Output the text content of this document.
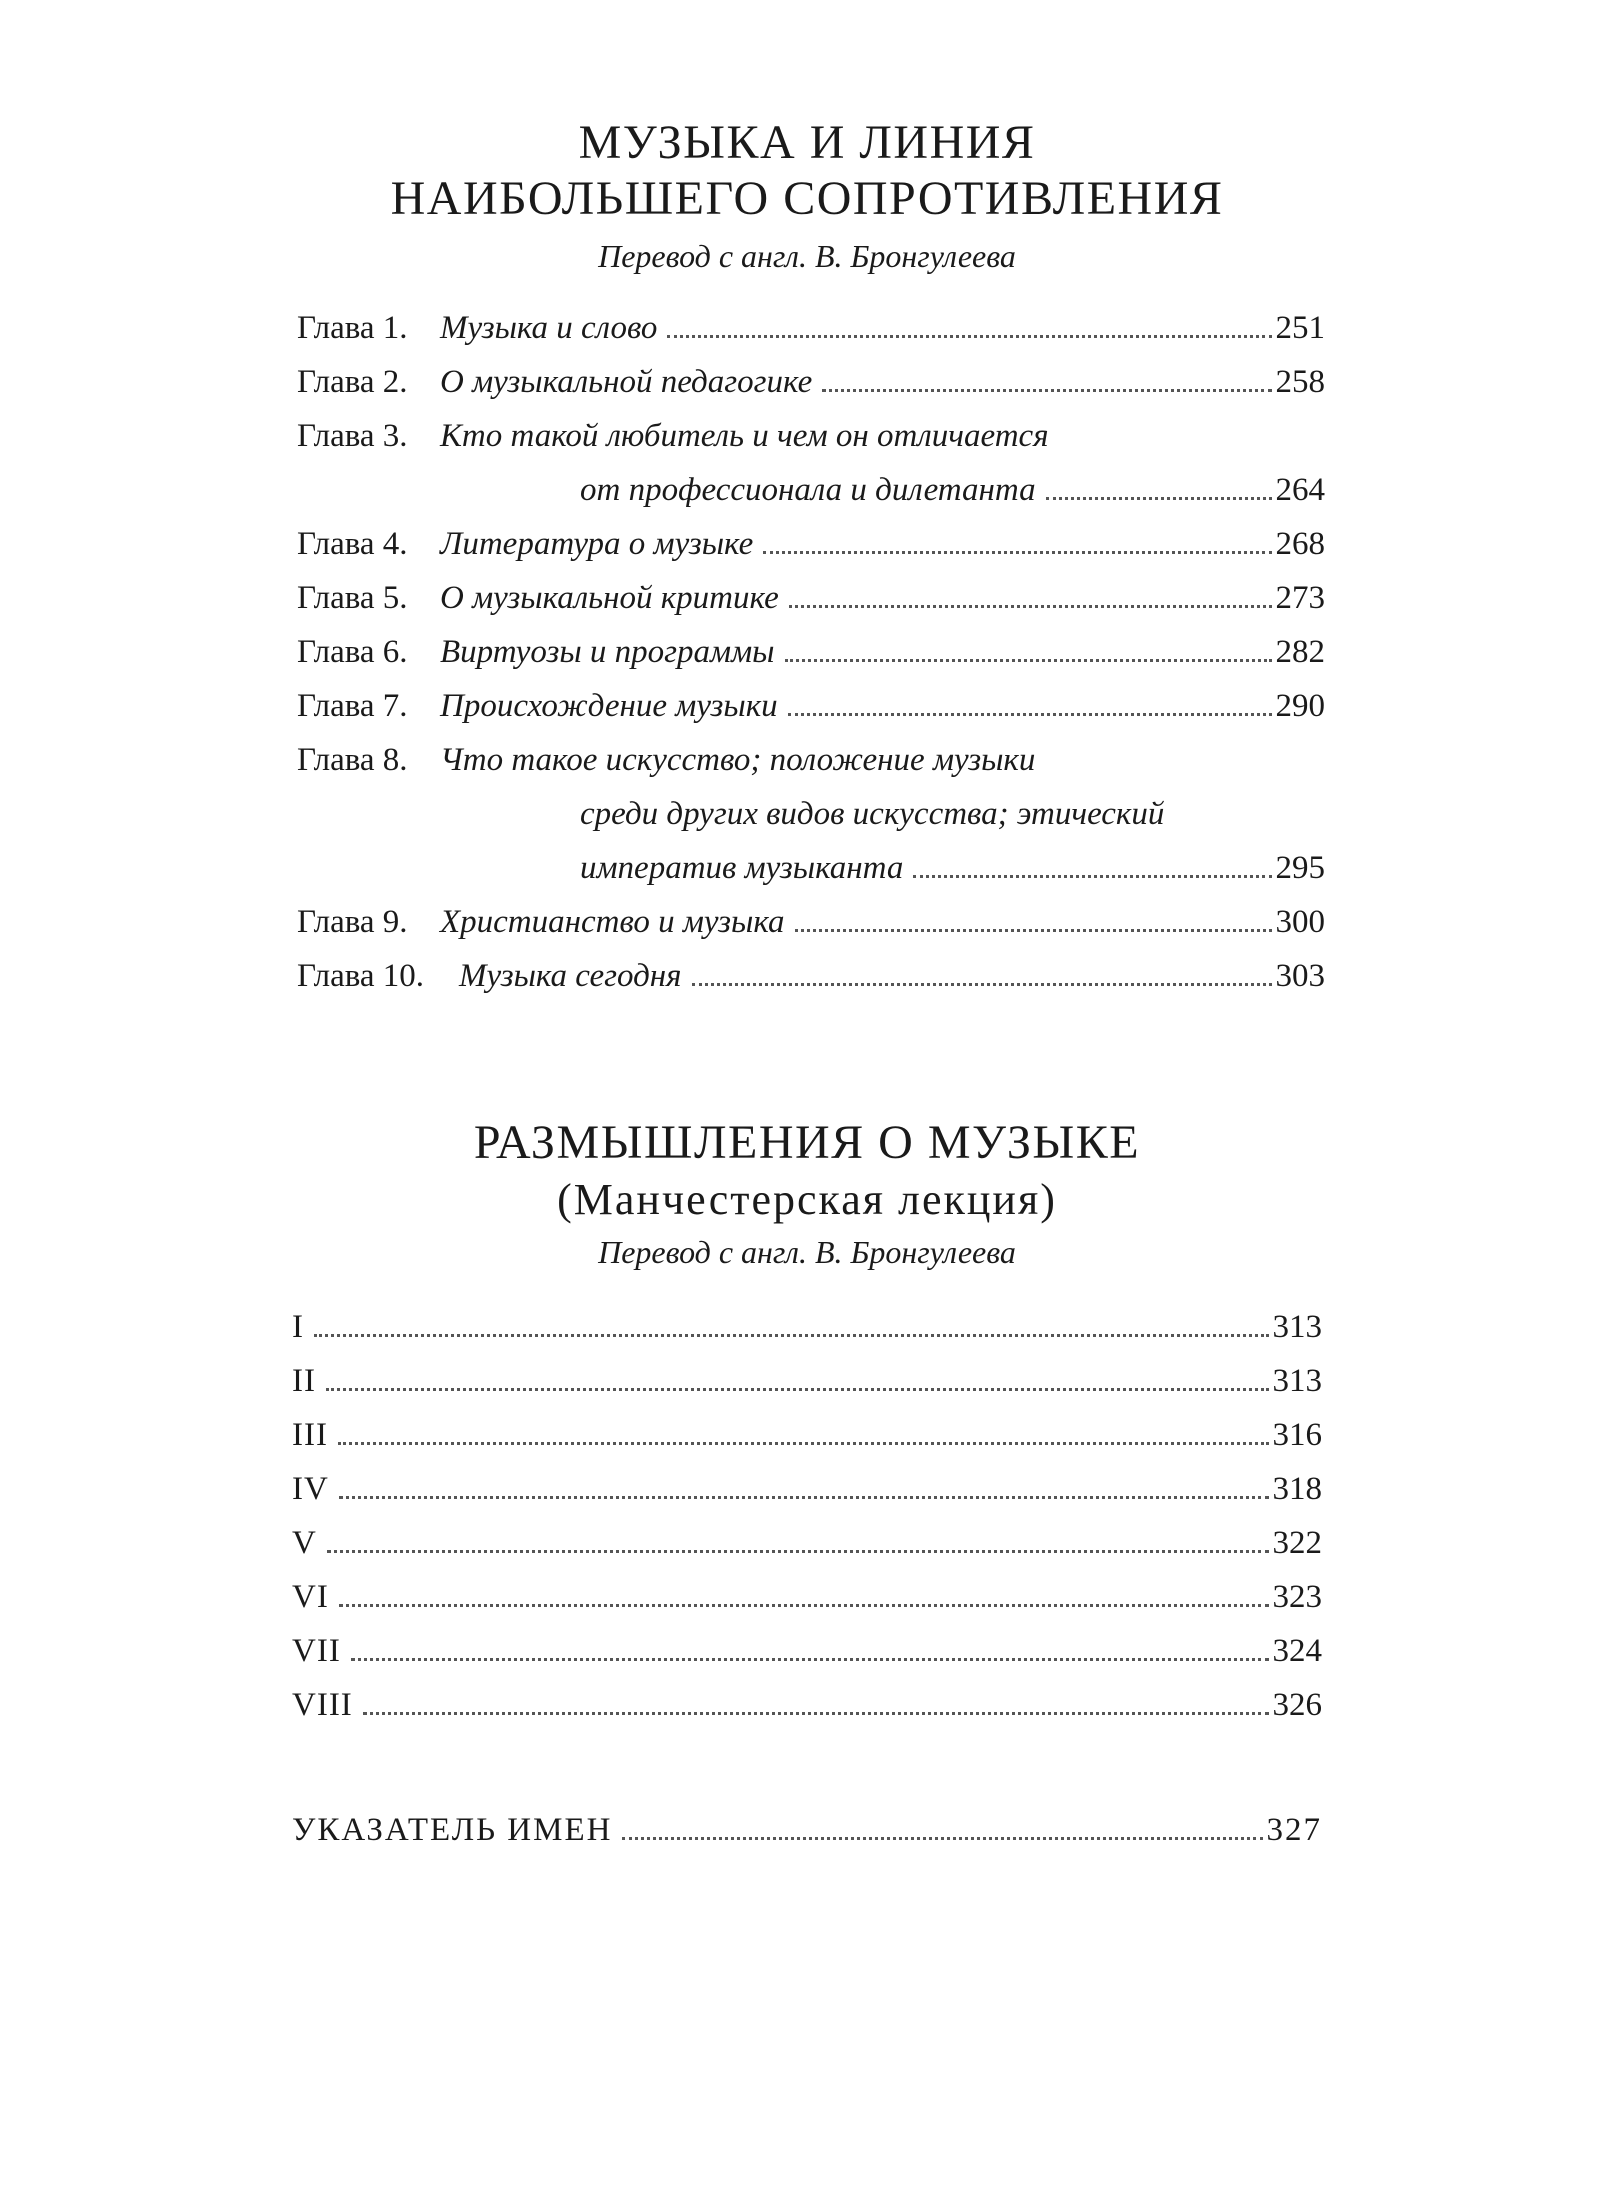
МУЗЫКА И ЛИНИЯ
НАИБОЛЬШЕГО СОПРОТИВЛЕНИЯ
Перевод с англ. В. Бронгулеева
Глава 1. Музыка и слово	251
Глава 2. О музыкальной педагогике	258
Глава 3. Кто такой любитель и чем он отличается
от профессионала и дилетанта	264
Глава 4. Литература о музыке	268
Глава 5. О музыкальной критике	273
Глава 6. Виртуозы и программы	282
Глава 7. Происхождение музыки	290
Глава 8. Что такое искусство; положение музыки
среди других видов искусства; этический
императив музыканта	295
Глава 9. Христианство и музыка	300
Глава 10. Музыка сегодня	303
РАЗМЫШЛЕНИЯ О МУЗЫКЕ
(Манчестерская лекция)
Перевод с англ. В. Бронгулеева
I	313
II	313
III	316
IV	318
V	322
VI	323
VII	324
VIII	326
УКАЗАТЕЛЬ ИМЕН	327
